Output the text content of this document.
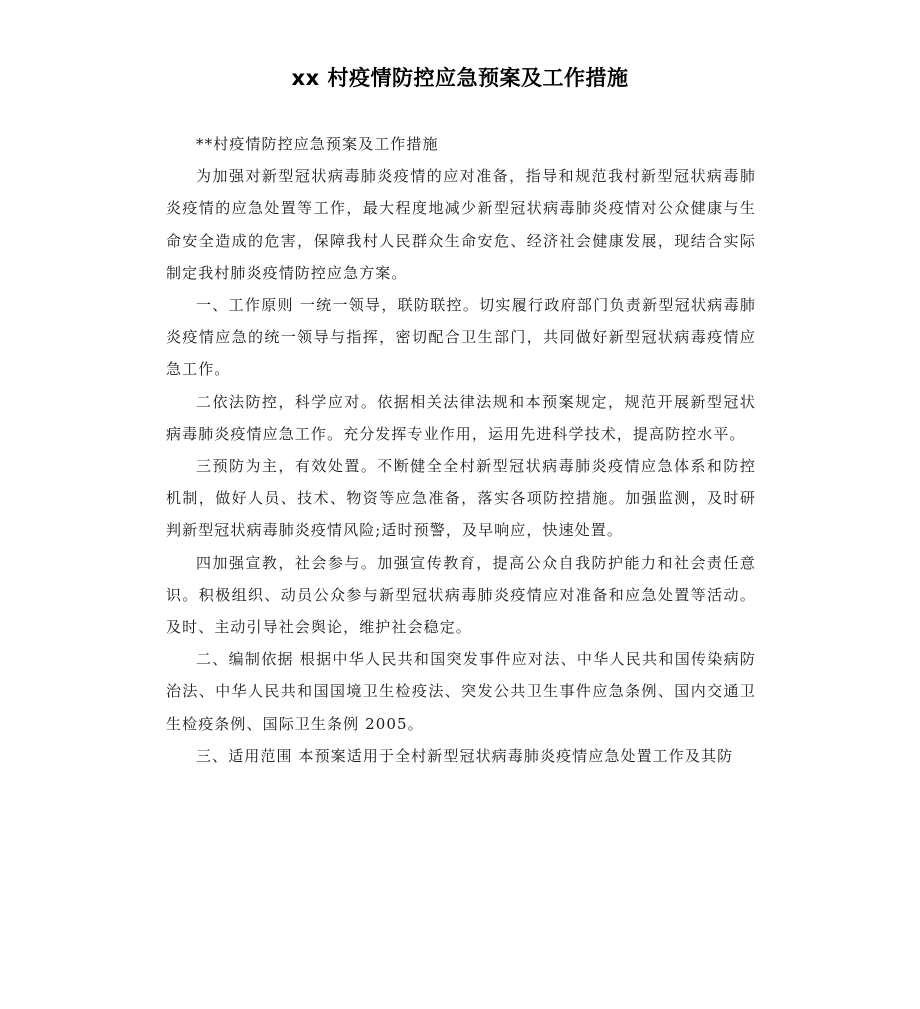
xx 村疫情防控应急预案及工作措施

**村疫情防控应急预案及工作措施

为加强对新型冠状病毒肺炎疫情的应对准备，指导和规范我村新型冠状病毒肺炎疫情的应急处置等工作，最大程度地减少新型冠状病毒肺炎疫情对公众健康与生命安全造成的危害，保障我村人民群众生命安危、经济社会健康发展，现结合实际制定我村肺炎疫情防控应急方案。

一、工作原则 一统一领导，联防联控。切实履行政府部门负责新型冠状病毒肺炎疫情应急的统一领导与指挥，密切配合卫生部门，共同做好新型冠状病毒疫情应急工作。

二依法防控，科学应对。依据相关法律法规和本预案规定，规范开展新型冠状病毒肺炎疫情应急工作。充分发挥专业作用，运用先进科学技术，提高防控水平。

三预防为主，有效处置。不断健全全村新型冠状病毒肺炎疫情应急体系和防控机制，做好人员、技术、物资等应急准备，落实各项防控措施。加强监测，及时研判新型冠状病毒肺炎疫情风险;适时预警，及早响应，快速处置。

四加强宣教，社会参与。加强宣传教育，提高公众自我防护能力和社会责任意识。积极组织、动员公众参与新型冠状病毒肺炎疫情应对准备和应急处置等活动。及时、主动引导社会舆论，维护社会稳定。

二、编制依据 根据中华人民共和国突发事件应对法、中华人民共和国传染病防治法、中华人民共和国国境卫生检疫法、突发公共卫生事件应急条例、国内交通卫生检疫条例、国际卫生条例 2005。

三、适用范围 本预案适用于全村新型冠状病毒肺炎疫情应急处置工作及其防
